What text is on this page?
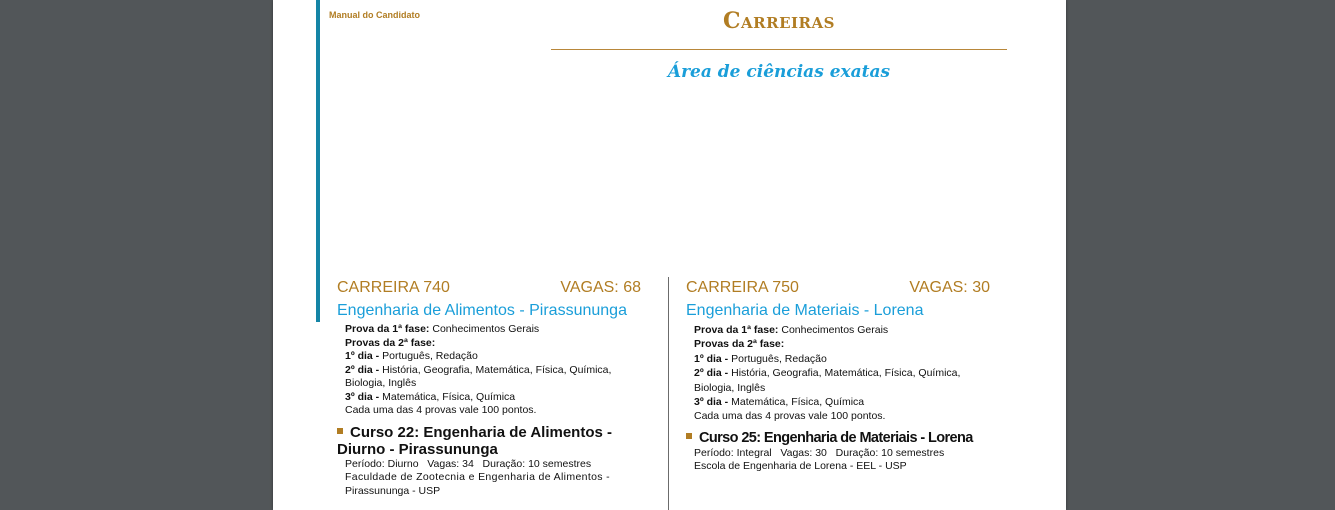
Manual do Candidato	Carreiras
Área de ciências exatas
CARREIRA 740	VAGAS: 68
Engenharia de Alimentos - Pirassununga
Prova da 1ª fase: Conhecimentos Gerais
Provas da 2ª fase:
1º dia - Português, Redação
2º dia - História, Geografia, Matemática, Física, Química,
Biologia, Inglês
3º dia - Matemática, Física, Química
Cada uma das 4 provas vale 100 pontos.
Curso 22: Engenharia de Alimentos -
Diurno - Pirassununga
Período: Diurno   Vagas: 34   Duração: 10 semestres
Faculdade de Zootecnia e Engenharia de Alimentos -
Pirassununga - USP
CARREIRA 750	VAGAS: 30
Engenharia de Materiais - Lorena
Prova da 1ª fase: Conhecimentos Gerais
Provas da 2ª fase:
1º dia - Português, Redação
2º dia - História, Geografia, Matemática, Física, Química,
Biologia, Inglês
3º dia - Matemática, Física, Química
Cada uma das 4 provas vale 100 pontos.
Curso 25: Engenharia de Materiais - Lorena
Período: Integral   Vagas: 30   Duração: 10 semestres
Escola de Engenharia de Lorena - EEL - USP
